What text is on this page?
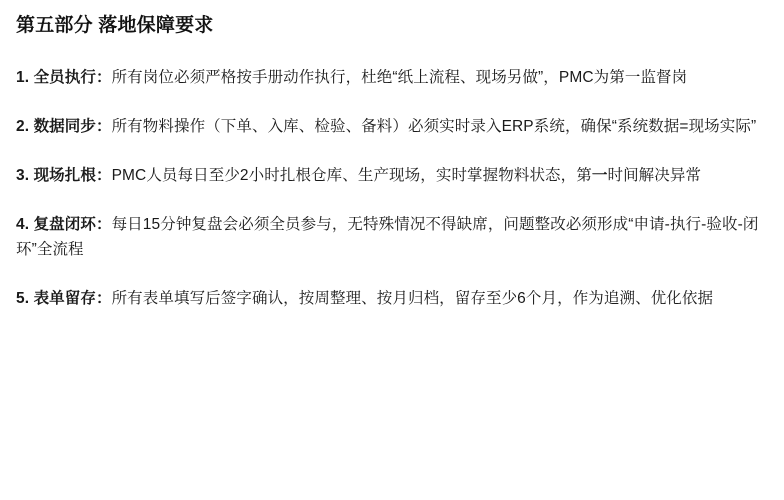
第五部分 落地保障要求

1. 全员执行：所有岗位必须严格按手册动作执行，杜绝“纸上流程、现场另做”，PMC为第一监督岗

2. 数据同步：所有物料操作（下单、入库、检验、备料）必须实时录入ERP系统，确保“系统数据=现场实际”

3. 现场扎根：PMC人员每日至少2小时扎根仓库、生产现场，实时掌握物料状态，第一时间解决异常

4. 复盘闭环：每日15分钟复盘会必须全员参与，无特殊情况不得缺席，问题整改必须形成“申请-执行-验收-闭环”全流程

5. 表单留存：所有表单填写后签字确认，按周整理、按月归档，留存至少6个月，作为追溯、优化依据
